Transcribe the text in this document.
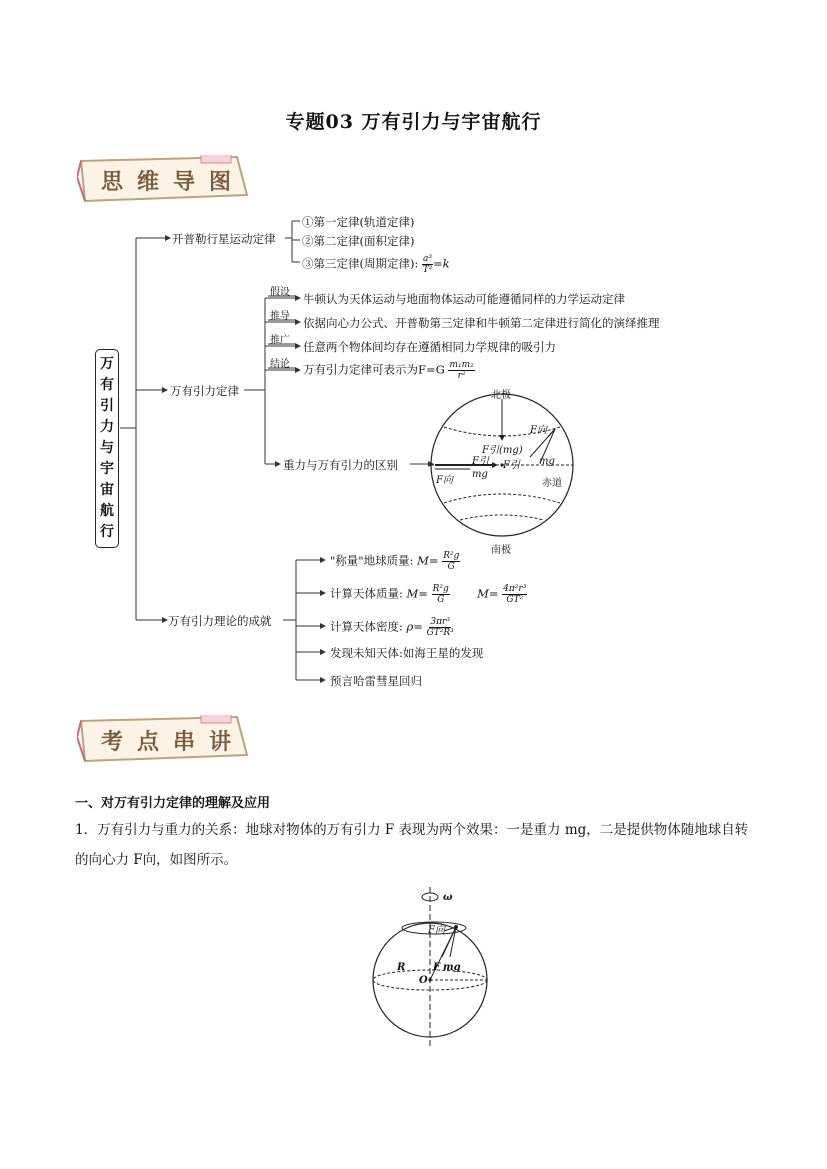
专题03 万有引力与宇宙航行
思维导图
万有引力与宇宙航行
开普勒行星运动定律
①第一定律(轨道定律)
②第二定律(面积定律)
③第三定律(周期定律): $\frac{\text{a³}}{\text{T²}} =k$
万有引力定律
假设
推导
推广
结论
牛顿认为天体运动与地面物体运动可能遵循同样的力学运动定律
依据向心力公式、开普勒第三定律和牛顿第二定律进行简化的演绎推理
任意两个物体间均存在遵循相同力学规律的吸引力
万有引力定律可表示为$F=G \frac{\text{m₁m₂}}{\text{r²}}$
重力与万有引力的区别
北极
南极
赤道
F向
F引(mg)
F引 F引
mg
mg
F向
万有引力理论的成就
"称量"地球质量: $M= \frac{\text{R²g}}{G}$
计算天体质量: $M= \frac{\text{R²g}}{G} M= \frac{\text{4π²r³}}{\text{GT²}}$
计算天体密度: $\rho= \frac{\text{3πr³}}{\text{GT²R³}}$
发现未知天体:如海王星的发现
预言哈雷彗星回归
考点串讲
一、对万有引力定律的理解及应用
1．万有引力与重力的关系：地球对物体的万有引力 F 表现为两个效果：一是重力 mg，二是提供物体随地球自转的向心力 F向，如图所示。
ω
F向
R	F mg
O
